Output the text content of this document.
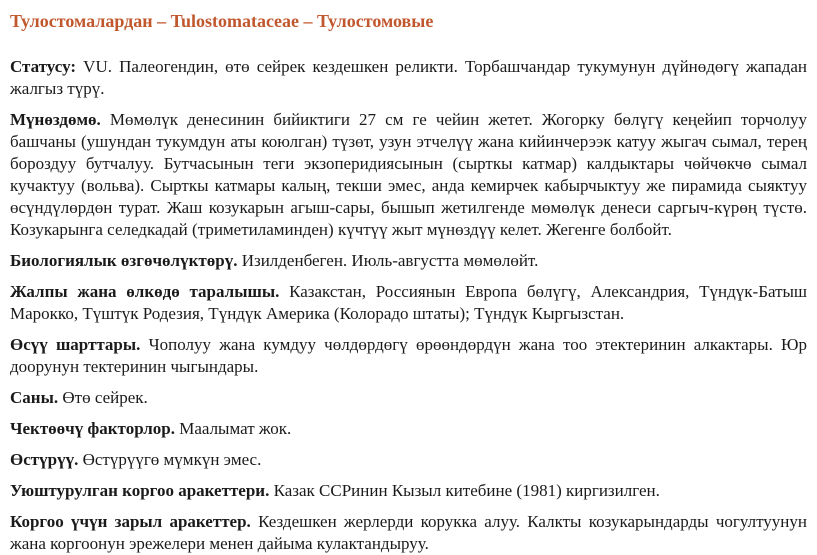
Тулостомалардан – Tulostomataceae – Тулостомовые

Статусу: VU. Палеогендин, өтө сейрек кездешкен реликти. Торбашчандар тукумунун дүйнөдөгү жападан жалгыз түрү.

Мүнөздөмө. Мөмөлүк денесинин бийиктиги 27 см ге чейин жетет. Жогорку бөлүгү кеңейип торчолуу башчаны (ушундан тукумдун аты коюлган) түзөт, узун этчелүү жана кийинчерээк катуу жыгач сымал, терең бороздуу бутчалуу. Бутчасынын теги экзоперидиясынын (сырткы катмар) калдыктары чөйчөкчө сымал кучактуу (вольва). Сырткы катмары калың, текши эмес, анда кемирчек кабырчыктуу же пирамида сыяктуу өсүндүлөрдөн турат. Жаш козукарын агыш-сары, бышып жетилгенде мөмөлүк денеси саргыч-күрөң түстө. Козукарынга селедкадай (триметиламинден) күчтүү жыт мүнөздүү келет. Жегенге болбойт.

Биологиялык өзгөчөлүктөрү. Изилденбеген. Июль-августта мөмөлөйт.

Жалпы жана өлкөдө таралышы. Казакстан, Россиянын Европа бөлүгү, Александрия, Түндүк-Батыш Марокко, Түштүк Родезия, Түндүк Америка (Колорадо штаты); Түндүк Кыргызстан.

Өсүү шарттары. Чополуу жана кумдуу чөлдөрдөгү өрөөндөрдүн жана тоо этектеринин алкактары. Юр доорунун тектеринин чыгындары.

Саны. Өтө сейрек.

Чектөөчү факторлор. Маалымат жок.

Өстүрүү. Өстүрүүгө мүмкүн эмес.

Уюштурулган коргоо аракеттери. Казак ССРинин Кызыл китебине (1981) киргизилген.

Коргоо үчүн зарыл аракеттер. Кездешкен жерлерди корукка алуу. Калкты козукарындарды чогултуунун жана коргоонун эрежелери менен дайыма кулактандыруу.
